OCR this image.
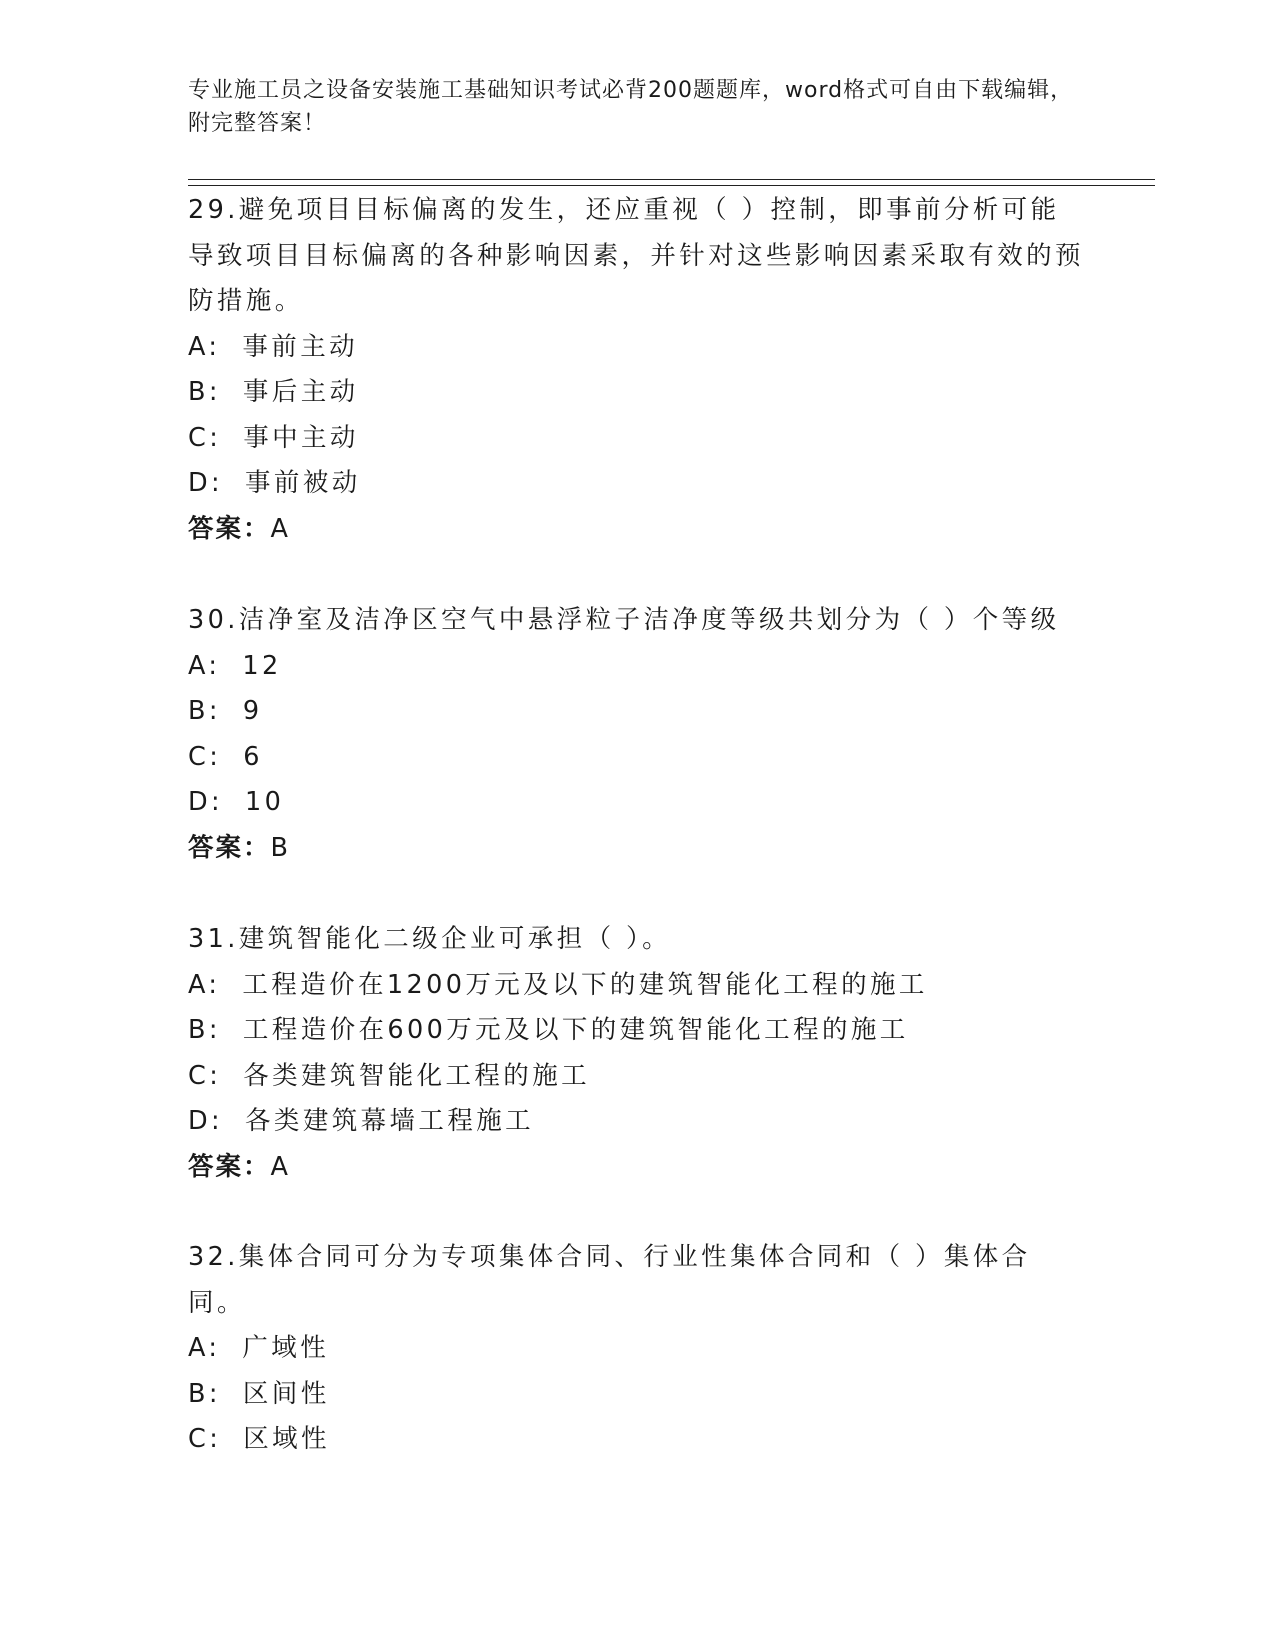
专业施工员之设备安装施工基础知识考试必背200题题库，word格式可自由下载编辑，附完整答案！
29.避免项目目标偏离的发生，还应重视（ ）控制，即事前分析可能导致项目目标偏离的各种影响因素，并针对这些影响因素采取有效的预防措施。
A: 事前主动
B: 事后主动
C: 事中主动
D: 事前被动
答案：A
30.洁净室及洁净区空气中悬浮粒子洁净度等级共划分为（ ）个等级
A: 12
B: 9
C: 6
D: 10
答案：B
31.建筑智能化二级企业可承担（ ）。
A: 工程造价在1200万元及以下的建筑智能化工程的施工
B: 工程造价在600万元及以下的建筑智能化工程的施工
C: 各类建筑智能化工程的施工
D: 各类建筑幕墙工程施工
答案：A
32.集体合同可分为专项集体合同、行业性集体合同和（ ）集体合同。
A: 广域性
B: 区间性
C: 区域性
